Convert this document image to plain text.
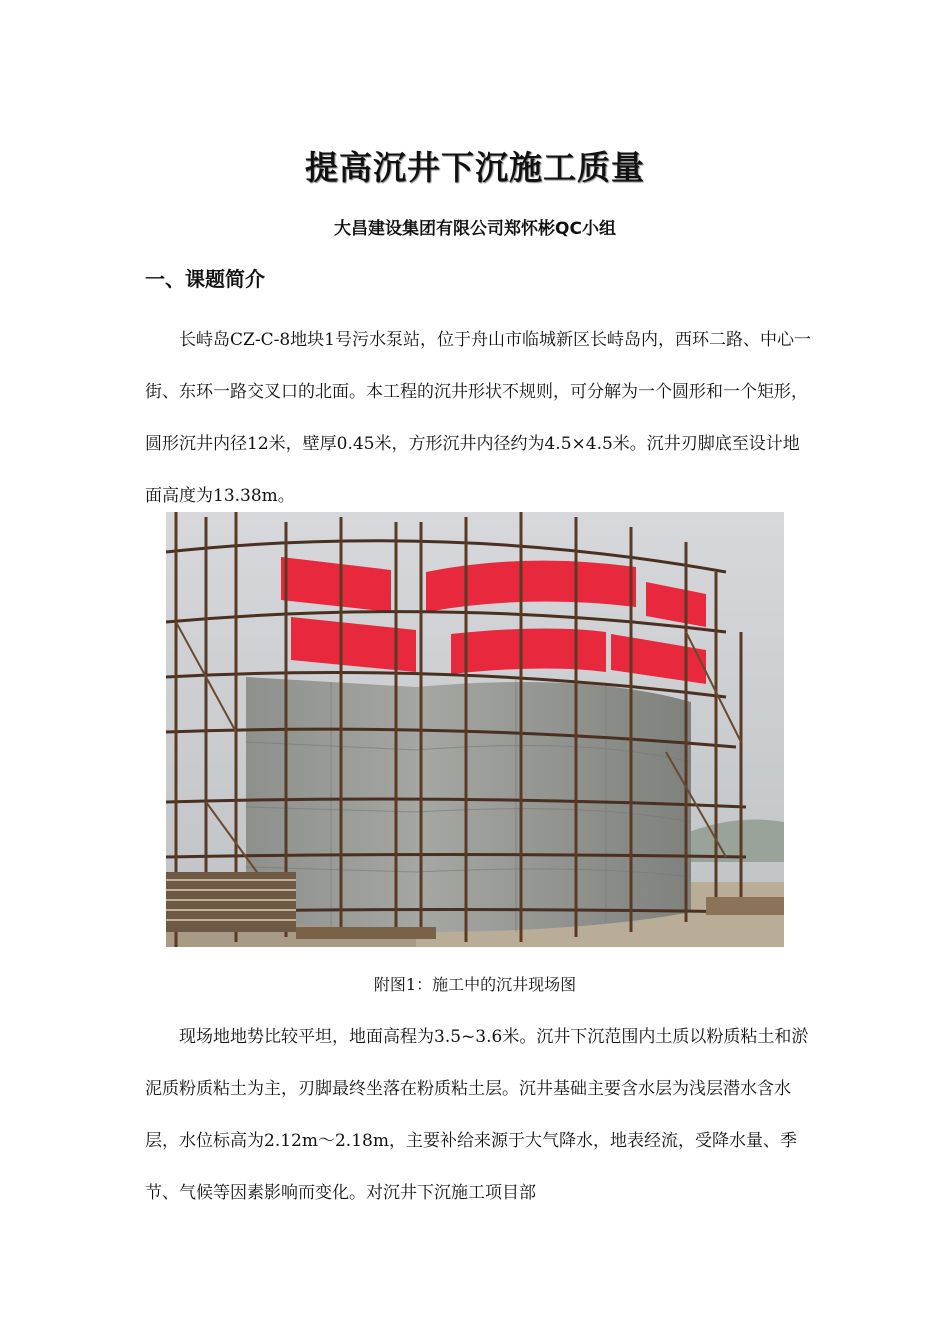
提高沉井下沉施工质量
大昌建设集团有限公司郑怀彬QC小组
一、课题简介

长峙岛CZ-C-8地块1号污水泵站，位于舟山市临城新区长峙岛内，西环二路、中心一街、东环一路交叉口的北面。本工程的沉井形状不规则，可分解为一个圆形和一个矩形，圆形沉井内径12米，壁厚0.45米，方形沉井内径约为4.5×4.5米。沉井刃脚底至设计地面高度为13.38m。

附图1：施工中的沉井现场图

现场地地势比较平坦，地面高程为3.5~3.6米。沉井下沉范围内土质以粉质粘土和淤泥质粉质粘土为主，刃脚最终坐落在粉质粘土层。沉井基础主要含水层为浅层潜水含水层，水位标高为2.12m～2.18m，主要补给来源于大气降水，地表经流，受降水量、季节、气候等因素影响而变化。对沉井下沉施工项目部
